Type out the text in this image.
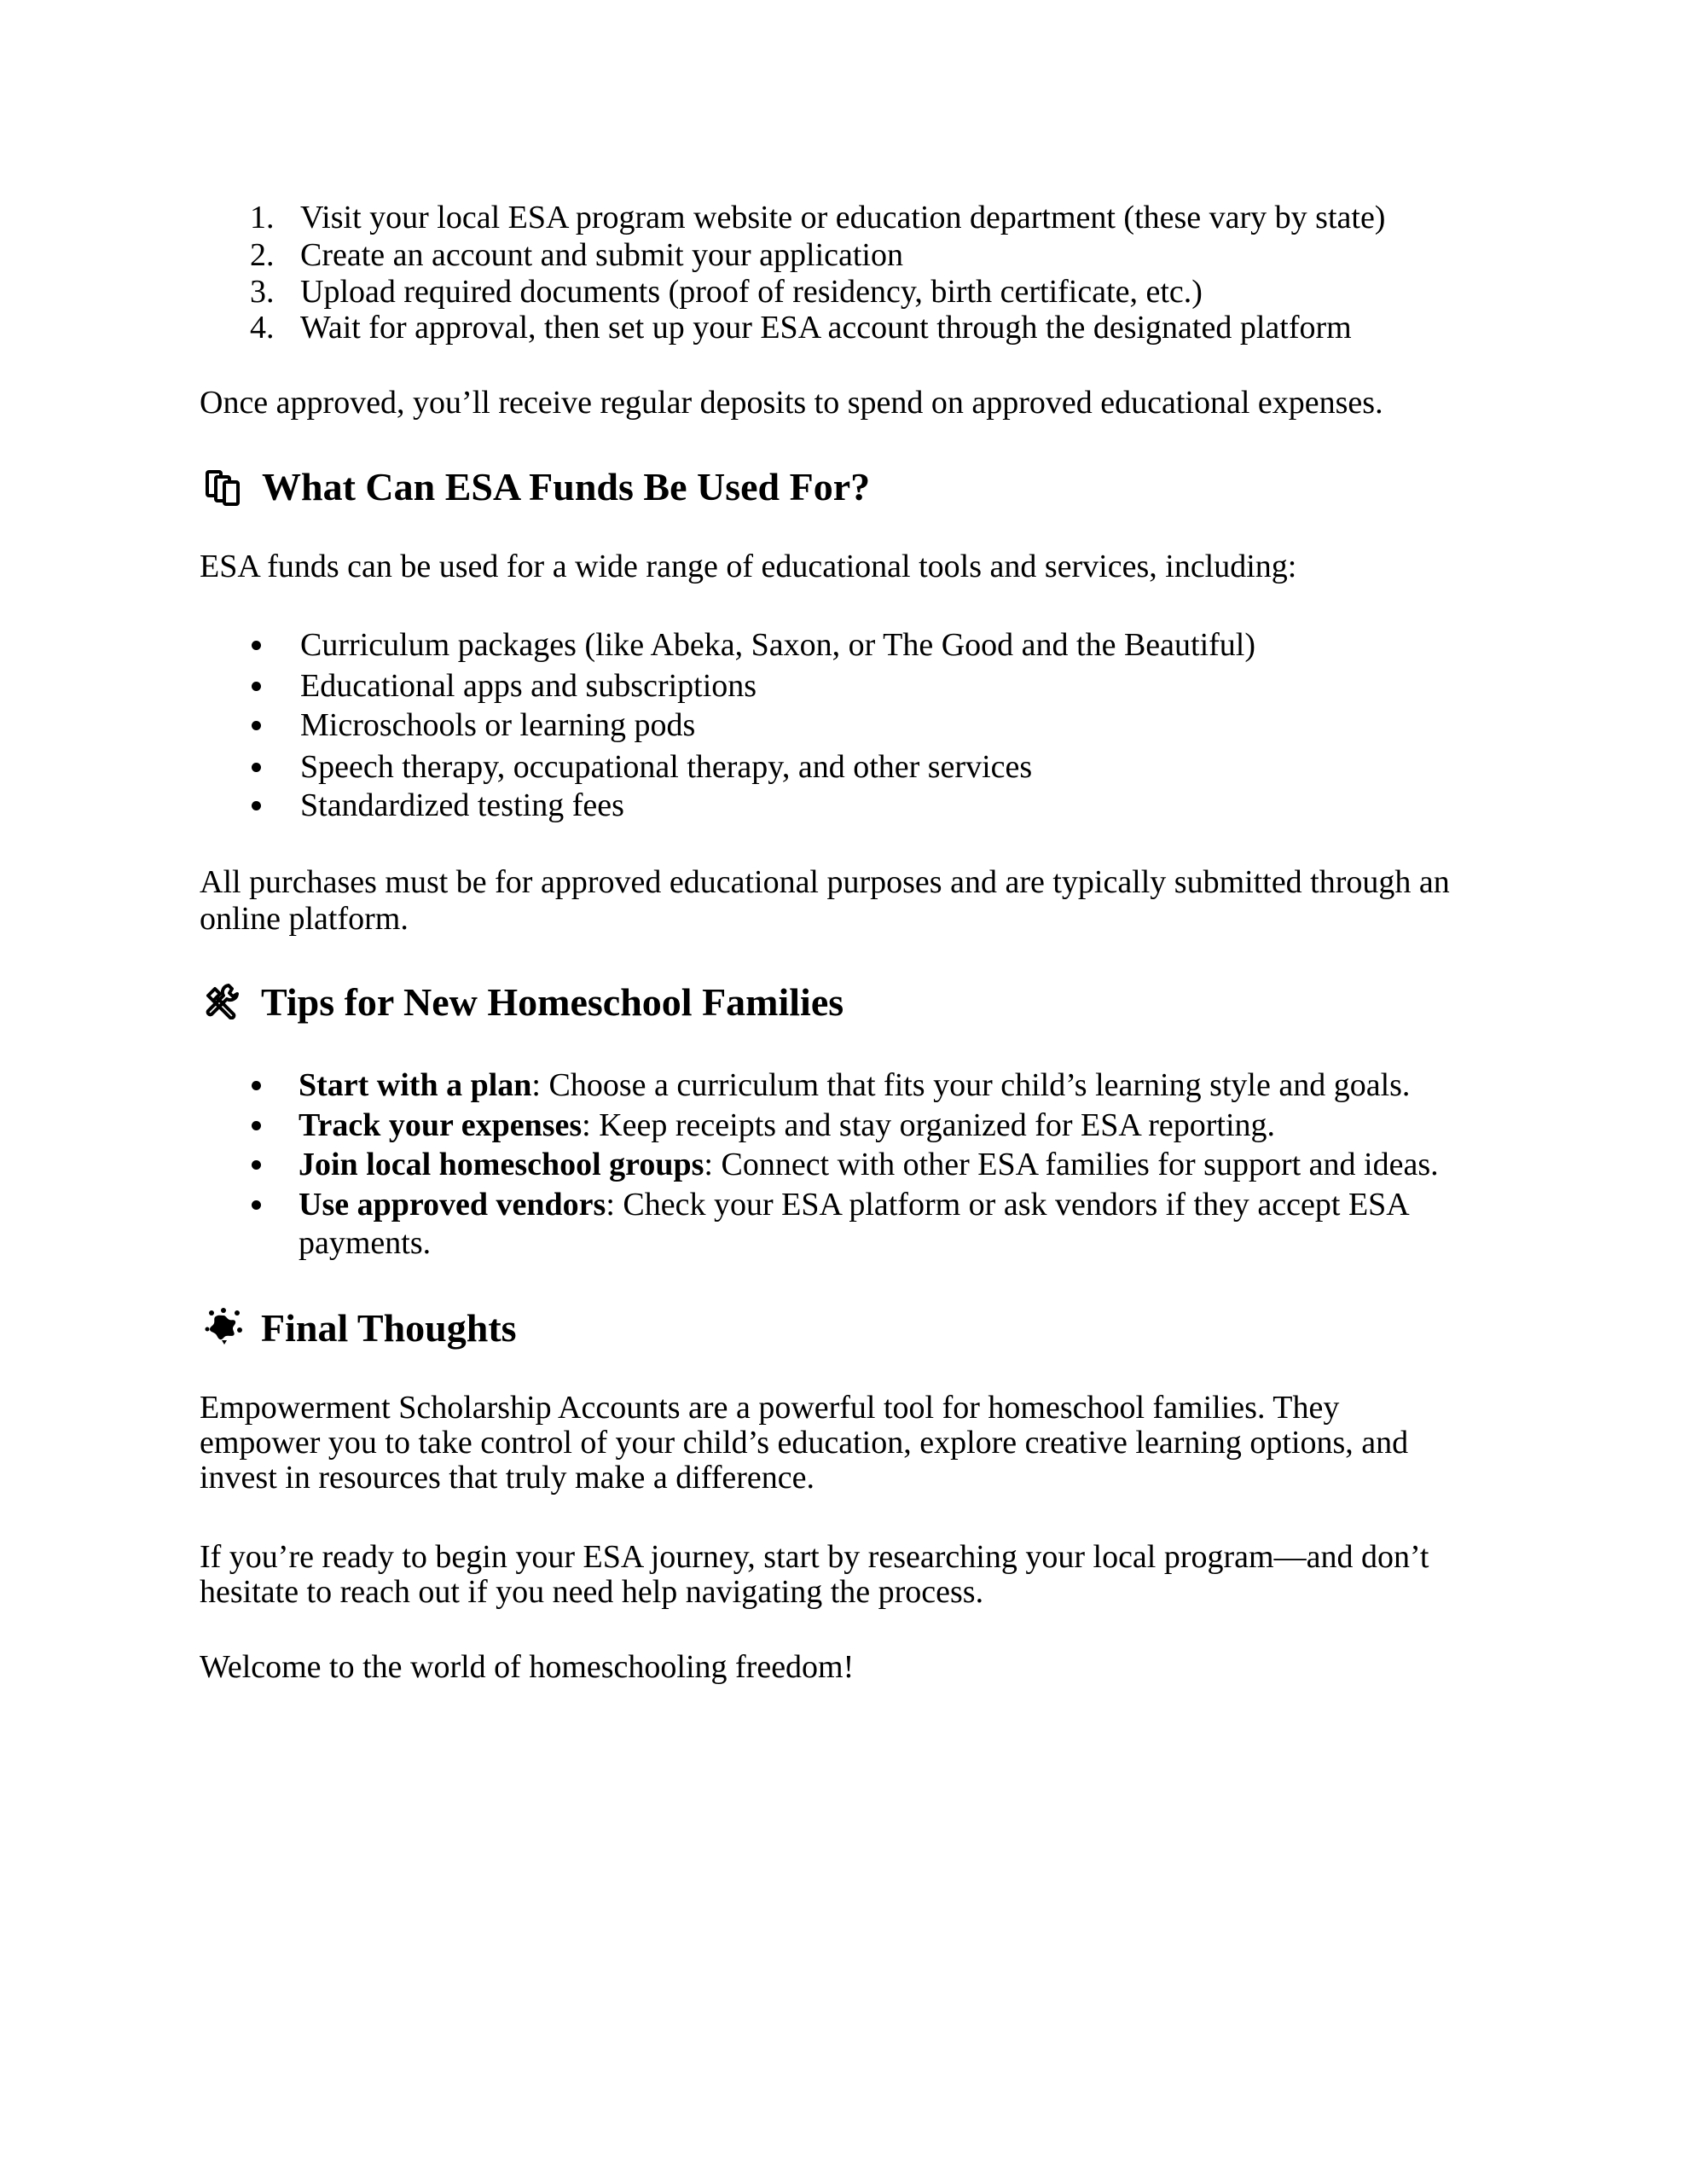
1. Visit your local ESA program website or education department (these vary by state)
2. Create an account and submit your application
3. Upload required documents (proof of residency, birth certificate, etc.)
4. Wait for approval, then set up your ESA account through the designated platform
Once approved, you’ll receive regular deposits to spend on approved educational expenses.
What Can ESA Funds Be Used For?
ESA funds can be used for a wide range of educational tools and services, including:
Curriculum packages (like Abeka, Saxon, or The Good and the Beautiful)
Educational apps and subscriptions
Microschools or learning pods
Speech therapy, occupational therapy, and other services
Standardized testing fees
All purchases must be for approved educational purposes and are typically submitted through an
online platform.
Tips for New Homeschool Families
Start with a plan: Choose a curriculum that fits your child’s learning style and goals.
Track your expenses: Keep receipts and stay organized for ESA reporting.
Join local homeschool groups: Connect with other ESA families for support and ideas.
Use approved vendors: Check your ESA platform or ask vendors if they accept ESA
payments.
Final Thoughts
Empowerment Scholarship Accounts are a powerful tool for homeschool families. They
empower you to take control of your child’s education, explore creative learning options, and
invest in resources that truly make a difference.
If you’re ready to begin your ESA journey, start by researching your local program—and don’t
hesitate to reach out if you need help navigating the process.
Welcome to the world of homeschooling freedom!
